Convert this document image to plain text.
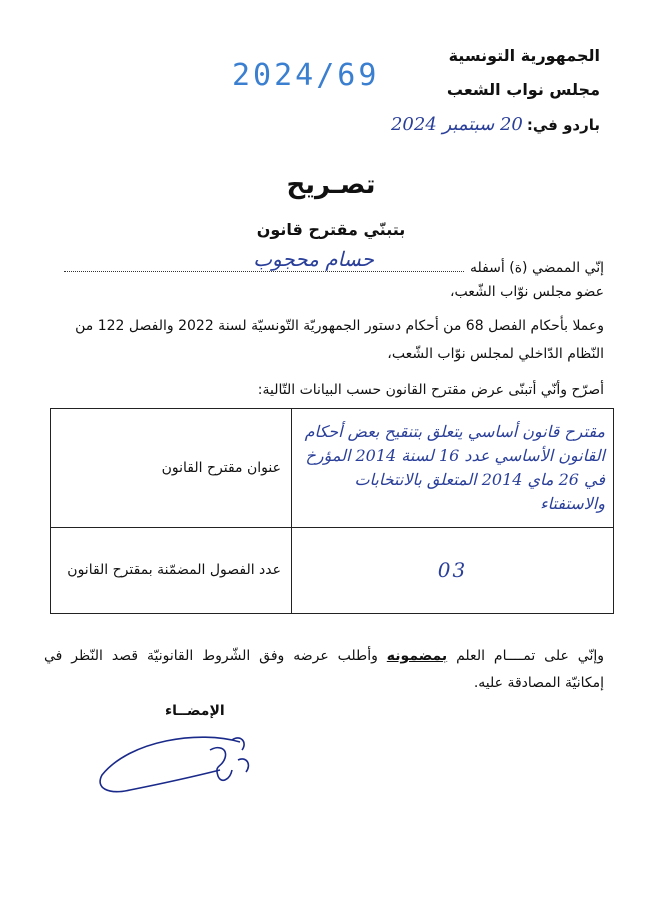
الجمهورية التونسية
مجلس نواب الشعب
2024/69
باردو في:
20 سبتمبر 2024
تصـريح
بتبنّي مقترح قانون
إنّي الممضي (ة) أسفله
حسام محجوب
عضو مجلس نوّاب الشّعب،
وعملا بأحكام الفصل 68 من أحكام دستور الجمهوريّة التّونسيّة لسنة 2022 والفصل 122 من
النّظام الدّاخلي لمجلس نوّاب الشّعب،
أصرّح وأنّي أتبنّى عرض مقترح القانون حسب البيانات التّالية:
عنوان مقترح القانون	مقترح قانون أساسي يتعلق بتنقيح بعض أحكام القانون الأساسي عدد 16 لسنة 2014 المؤرخ في 26 ماي 2014 المتعلق بالانتخابات والاستفتاء
عدد الفصول المضمّنة بمقترح القانون	03
وإنّي على تمــــام العلم بمضمونه وأطلب عرضه وفق الشّروط القانونيّة قصد النّظر في
إمكانيّة المصادقة عليه.
الإمضــاء
